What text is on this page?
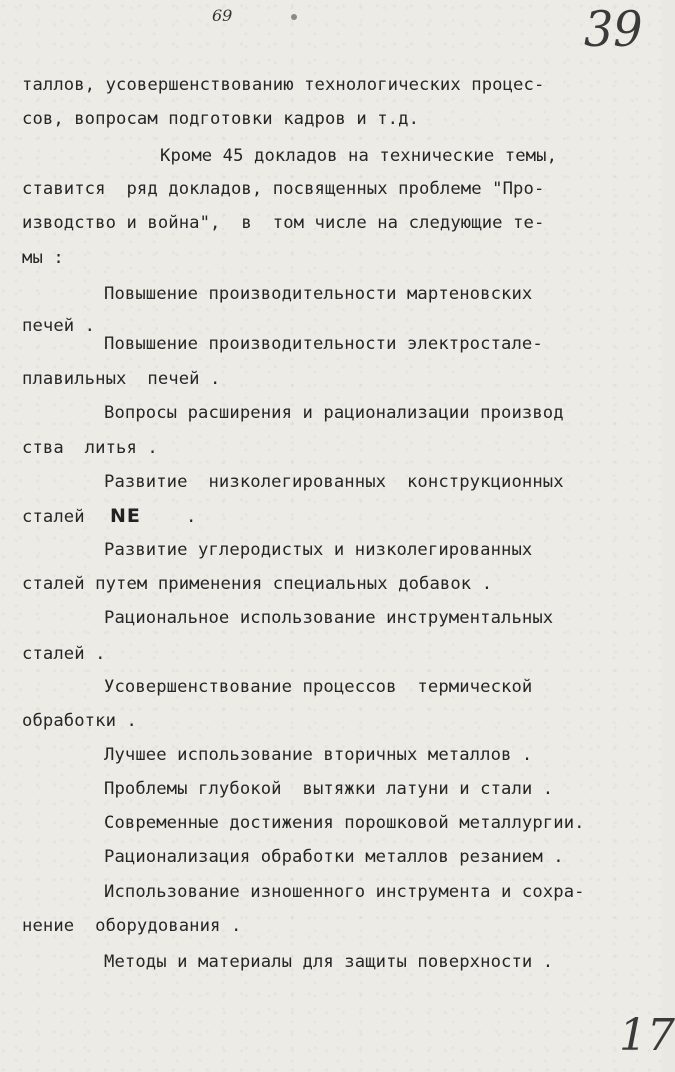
69	39
таллов, усовершенствованию технологических процес-
сов, вопросам подготовки кадров и т.д.
Кроме 45 докладов на технические темы,
ставится  ряд докладов, посвященных проблеме "Про-
изводство и война",  в  том числе на следующие те-
мы :
Повышение производительности мартеновских
печей .
Повышение производительности электростале-
плавильных  печей .
Вопросы расширения и рационализации производ
ства  литья .
Развитие  низколегированных  конструкционных
сталей NE	.
Развитие углеродистых и низколегированных
сталей путем применения специальных добавок .
Рациональное использование инструментальных
сталей .
Усовершенствование процессов  термической
обработки .
Лучшее использование вторичных металлов .
Проблемы глубокой  вытяжки латуни и стали .
Современные достижения порошковой металлургии.
Рационализация обработки металлов резанием .
Использование изношенного инструмента и сохра-
нение  оборудования .
Методы и материалы для защиты поверхности .
17
